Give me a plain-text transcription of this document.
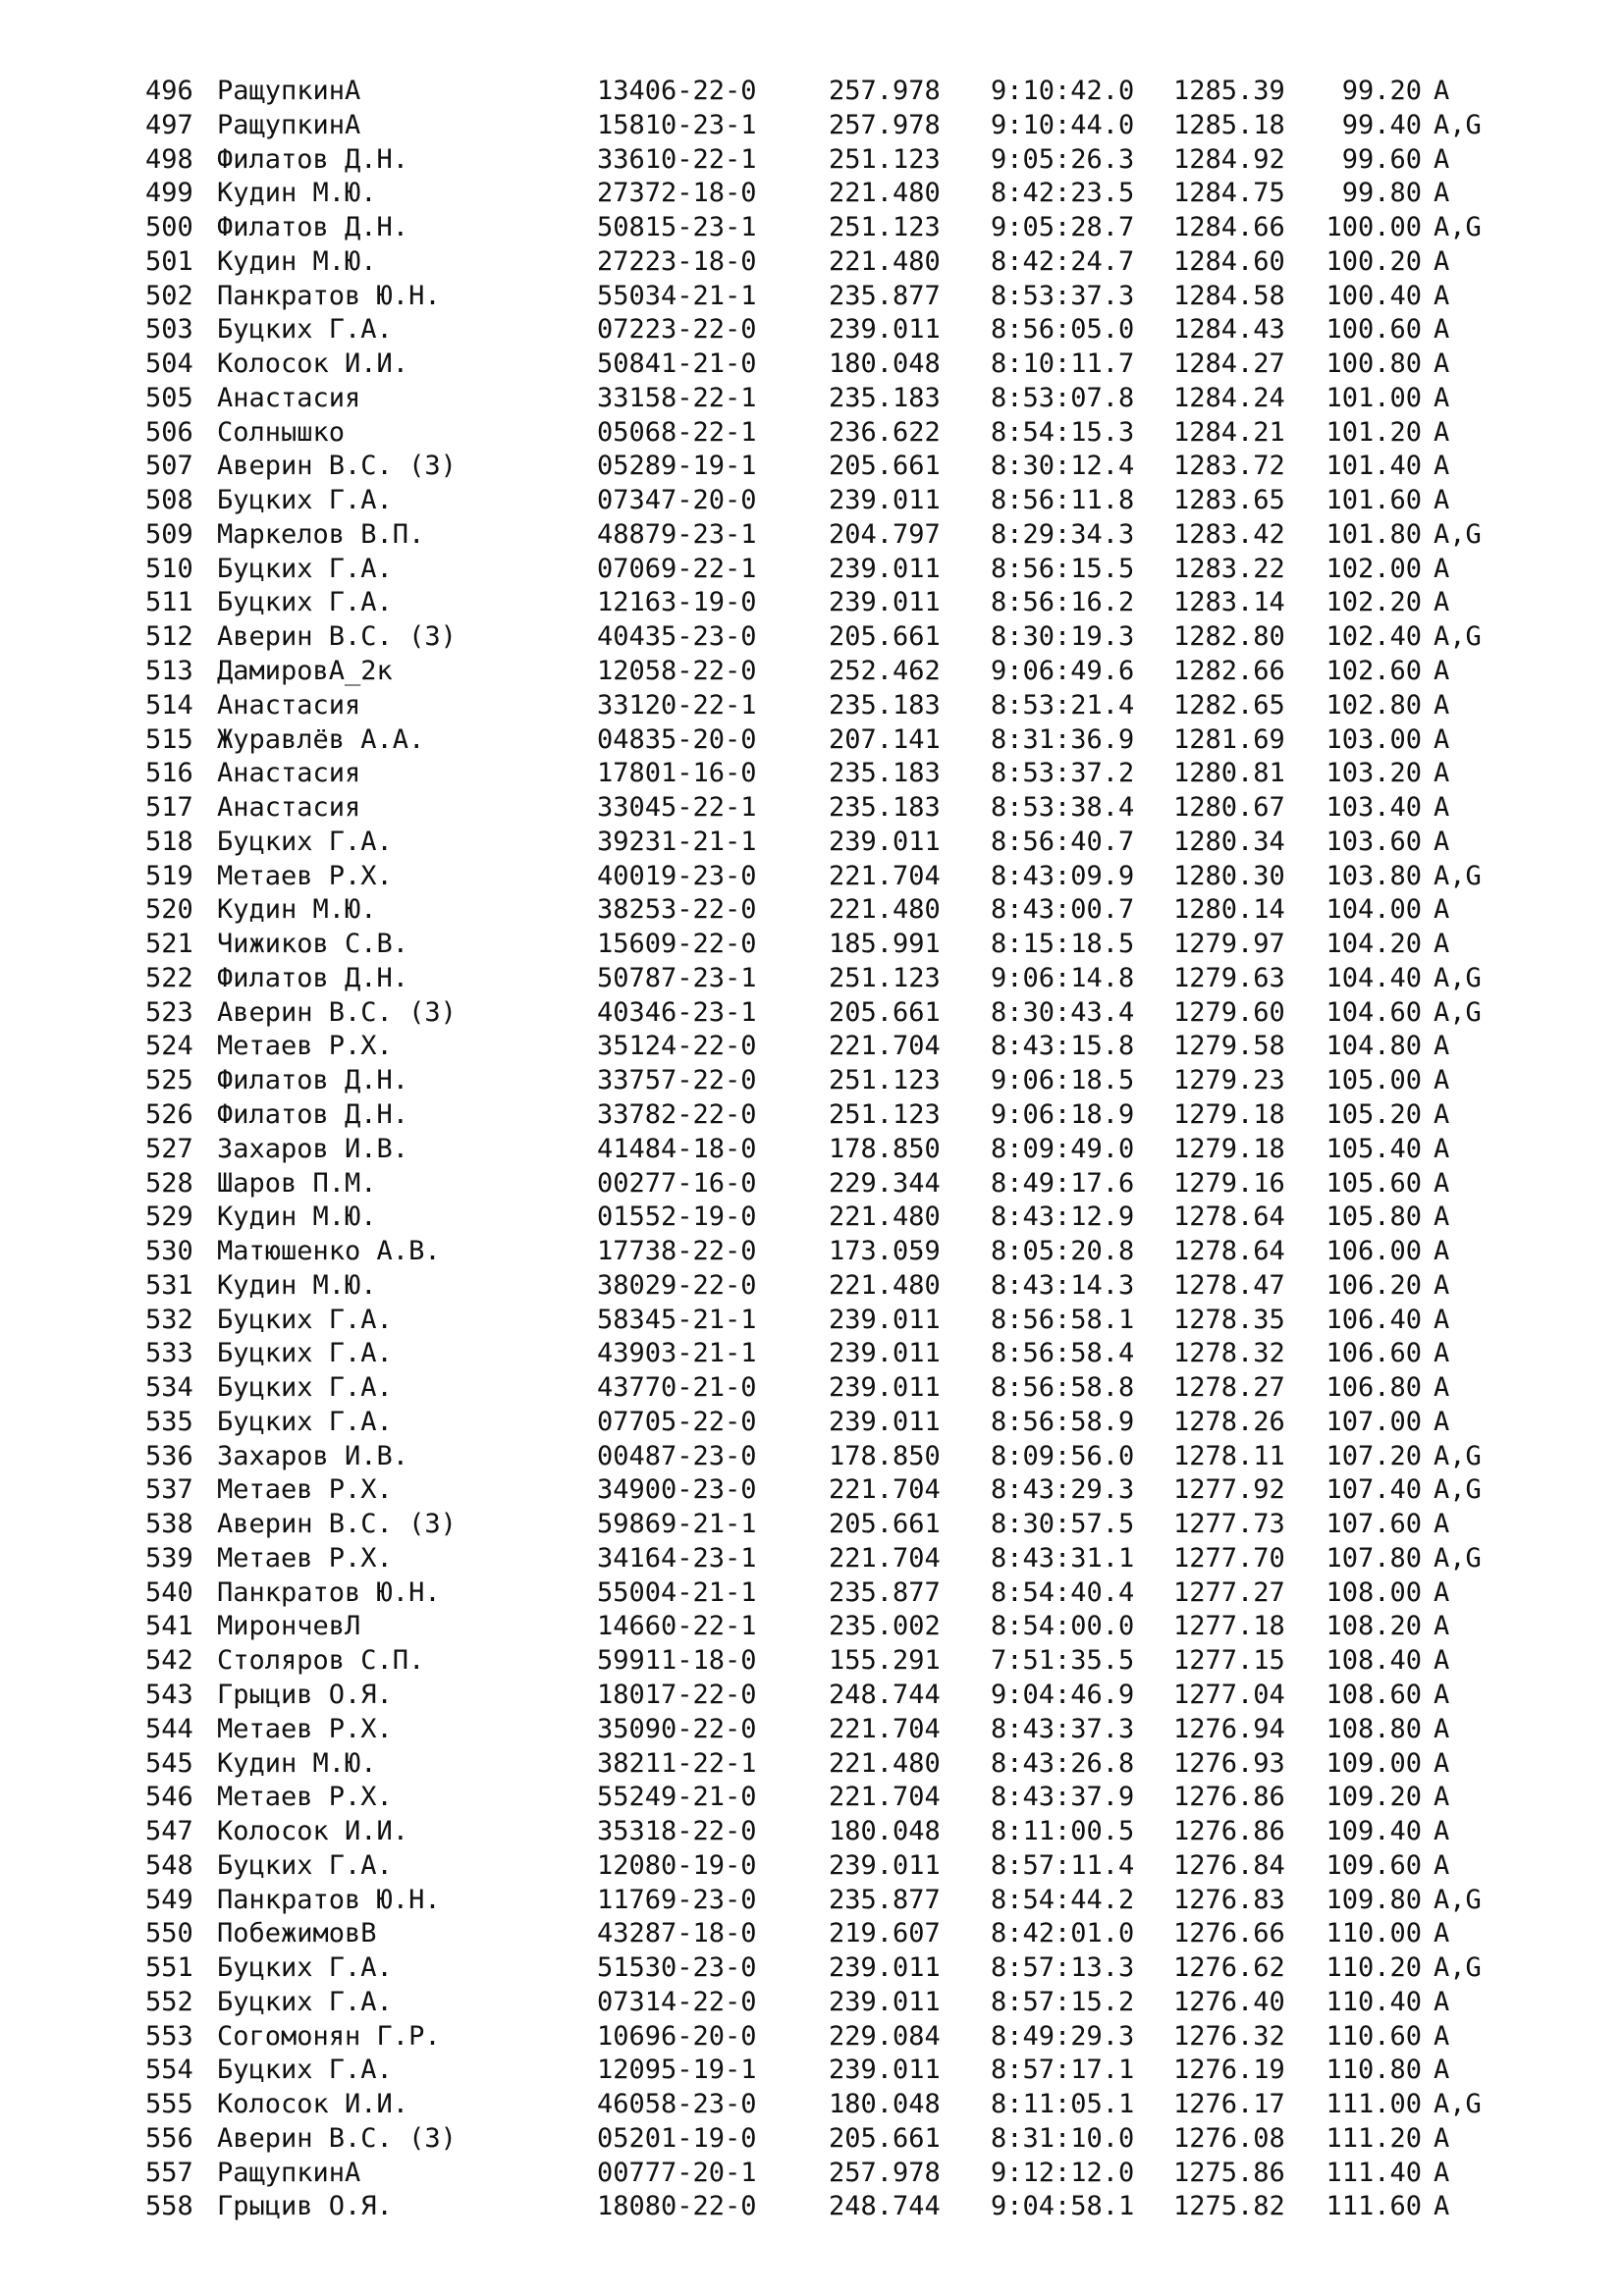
496 РащупкинА	13406-22-0	257.978	9:10:42.0	1285.39	99.20 A
497 РащупкинА	15810-23-1	257.978	9:10:44.0	1285.18	99.40 A,G
498 Филатов Д.Н.	33610-22-1	251.123	9:05:26.3	1284.92	99.60 A
499 Кудин М.Ю.	27372-18-0	221.480	8:42:23.5	1284.75	99.80 A
500 Филатов Д.Н.	50815-23-1	251.123	9:05:28.7	1284.66	100.00 A,G
501 Кудин М.Ю.	27223-18-0	221.480	8:42:24.7	1284.60	100.20 A
502 Панкратов Ю.Н.	55034-21-1	235.877	8:53:37.3	1284.58	100.40 A
503 Буцких Г.А.	07223-22-0	239.011	8:56:05.0	1284.43	100.60 A
504 Колосок И.И.	50841-21-0	180.048	8:10:11.7	1284.27	100.80 A
505 Анастасия	33158-22-1	235.183	8:53:07.8	1284.24	101.00 A
506 Солнышко	05068-22-1	236.622	8:54:15.3	1284.21	101.20 A
507 Аверин В.С. (З)	05289-19-1	205.661	8:30:12.4	1283.72	101.40 A
508 Буцких Г.А.	07347-20-0	239.011	8:56:11.8	1283.65	101.60 A
509 Маркелов В.П.	48879-23-1	204.797	8:29:34.3	1283.42	101.80 A,G
510 Буцких Г.А.	07069-22-1	239.011	8:56:15.5	1283.22	102.00 A
511 Буцких Г.А.	12163-19-0	239.011	8:56:16.2	1283.14	102.20 A
512 Аверин В.С. (З)	40435-23-0	205.661	8:30:19.3	1282.80	102.40 A,G
513 ДамировА_2к	12058-22-0	252.462	9:06:49.6	1282.66	102.60 A
514 Анастасия	33120-22-1	235.183	8:53:21.4	1282.65	102.80 A
515 Журавлёв А.А.	04835-20-0	207.141	8:31:36.9	1281.69	103.00 A
516 Анастасия	17801-16-0	235.183	8:53:37.2	1280.81	103.20 A
517 Анастасия	33045-22-1	235.183	8:53:38.4	1280.67	103.40 A
518 Буцких Г.А.	39231-21-1	239.011	8:56:40.7	1280.34	103.60 A
519 Метаев Р.Х.	40019-23-0	221.704	8:43:09.9	1280.30	103.80 A,G
520 Кудин М.Ю.	38253-22-0	221.480	8:43:00.7	1280.14	104.00 A
521 Чижиков С.В.	15609-22-0	185.991	8:15:18.5	1279.97	104.20 A
522 Филатов Д.Н.	50787-23-1	251.123	9:06:14.8	1279.63	104.40 A,G
523 Аверин В.С. (З)	40346-23-1	205.661	8:30:43.4	1279.60	104.60 A,G
524 Метаев Р.Х.	35124-22-0	221.704	8:43:15.8	1279.58	104.80 A
525 Филатов Д.Н.	33757-22-0	251.123	9:06:18.5	1279.23	105.00 A
526 Филатов Д.Н.	33782-22-0	251.123	9:06:18.9	1279.18	105.20 A
527 Захаров И.В.	41484-18-0	178.850	8:09:49.0	1279.18	105.40 A
528 Шаров П.М.	00277-16-0	229.344	8:49:17.6	1279.16	105.60 A
529 Кудин М.Ю.	01552-19-0	221.480	8:43:12.9	1278.64	105.80 A
530 Матюшенко А.В.	17738-22-0	173.059	8:05:20.8	1278.64	106.00 A
531 Кудин М.Ю.	38029-22-0	221.480	8:43:14.3	1278.47	106.20 A
532 Буцких Г.А.	58345-21-1	239.011	8:56:58.1	1278.35	106.40 A
533 Буцких Г.А.	43903-21-1	239.011	8:56:58.4	1278.32	106.60 A
534 Буцких Г.А.	43770-21-0	239.011	8:56:58.8	1278.27	106.80 A
535 Буцких Г.А.	07705-22-0	239.011	8:56:58.9	1278.26	107.00 A
536 Захаров И.В.	00487-23-0	178.850	8:09:56.0	1278.11	107.20 A,G
537 Метаев Р.Х.	34900-23-0	221.704	8:43:29.3	1277.92	107.40 A,G
538 Аверин В.С. (З)	59869-21-1	205.661	8:30:57.5	1277.73	107.60 A
539 Метаев Р.Х.	34164-23-1	221.704	8:43:31.1	1277.70	107.80 A,G
540 Панкратов Ю.Н.	55004-21-1	235.877	8:54:40.4	1277.27	108.00 A
541 МирончевЛ	14660-22-1	235.002	8:54:00.0	1277.18	108.20 A
542 Столяров С.П.	59911-18-0	155.291	7:51:35.5	1277.15	108.40 A
543 Грыцив О.Я.	18017-22-0	248.744	9:04:46.9	1277.04	108.60 A
544 Метаев Р.Х.	35090-22-0	221.704	8:43:37.3	1276.94	108.80 A
545 Кудин М.Ю.	38211-22-1	221.480	8:43:26.8	1276.93	109.00 A
546 Метаев Р.Х.	55249-21-0	221.704	8:43:37.9	1276.86	109.20 A
547 Колосок И.И.	35318-22-0	180.048	8:11:00.5	1276.86	109.40 A
548 Буцких Г.А.	12080-19-0	239.011	8:57:11.4	1276.84	109.60 A
549 Панкратов Ю.Н.	11769-23-0	235.877	8:54:44.2	1276.83	109.80 A,G
550 ПобежимовВ	43287-18-0	219.607	8:42:01.0	1276.66	110.00 A
551 Буцких Г.А.	51530-23-0	239.011	8:57:13.3	1276.62	110.20 A,G
552 Буцких Г.А.	07314-22-0	239.011	8:57:15.2	1276.40	110.40 A
553 Согомонян Г.Р.	10696-20-0	229.084	8:49:29.3	1276.32	110.60 A
554 Буцких Г.А.	12095-19-1	239.011	8:57:17.1	1276.19	110.80 A
555 Колосок И.И.	46058-23-0	180.048	8:11:05.1	1276.17	111.00 A,G
556 Аверин В.С. (З)	05201-19-0	205.661	8:31:10.0	1276.08	111.20 A
557 РащупкинА	00777-20-1	257.978	9:12:12.0	1275.86	111.40 A
558 Грыцив О.Я.	18080-22-0	248.744	9:04:58.1	1275.82	111.60 A
